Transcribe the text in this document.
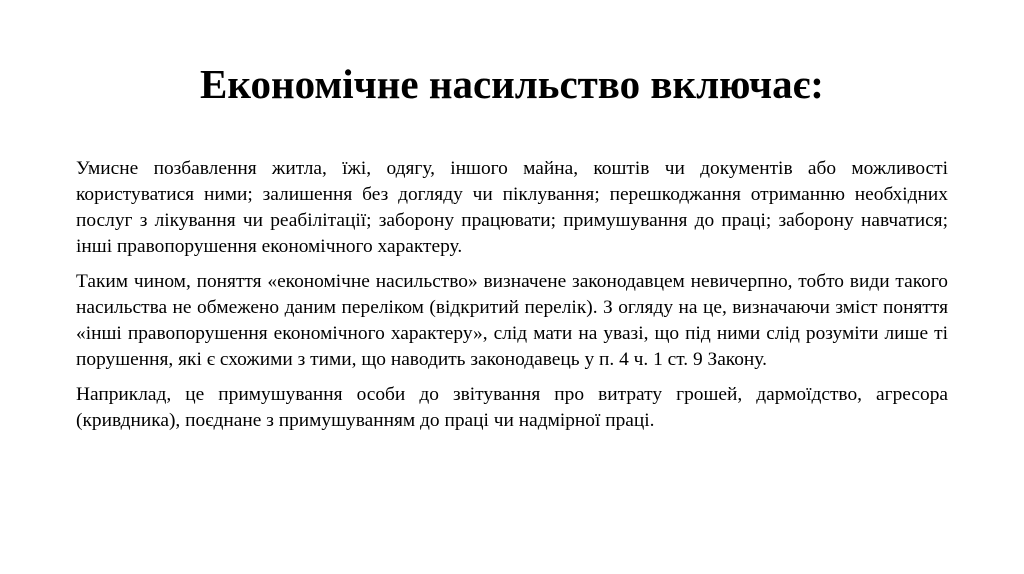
Економічне насильство включає:

Умисне позбавлення житла, їжі, одягу, іншого майна, коштів чи документів або можливості користуватися ними; залишення без догляду чи піклування; перешкоджання отриманню необхідних послуг з лікування чи реабілітації; заборону працювати; примушування до праці; заборону навчатися; інші правопорушення економічного характеру.

Таким чином, поняття «економічне насильство» визначене законодавцем невичерпно, тобто види такого насильства не обмежено даним переліком (відкритий перелік). З огляду на це, визначаючи зміст поняття «інші правопорушення економічного характеру», слід мати на увазі, що під ними слід розуміти лише ті порушення, які є схожими з тими, що наводить законодавець у п. 4 ч. 1 ст. 9 Закону.

Наприклад, це примушування особи до звітування про витрату грошей, дармоїдство, агресора (кривдника), поєднане з примушуванням до праці чи надмірної праці.
